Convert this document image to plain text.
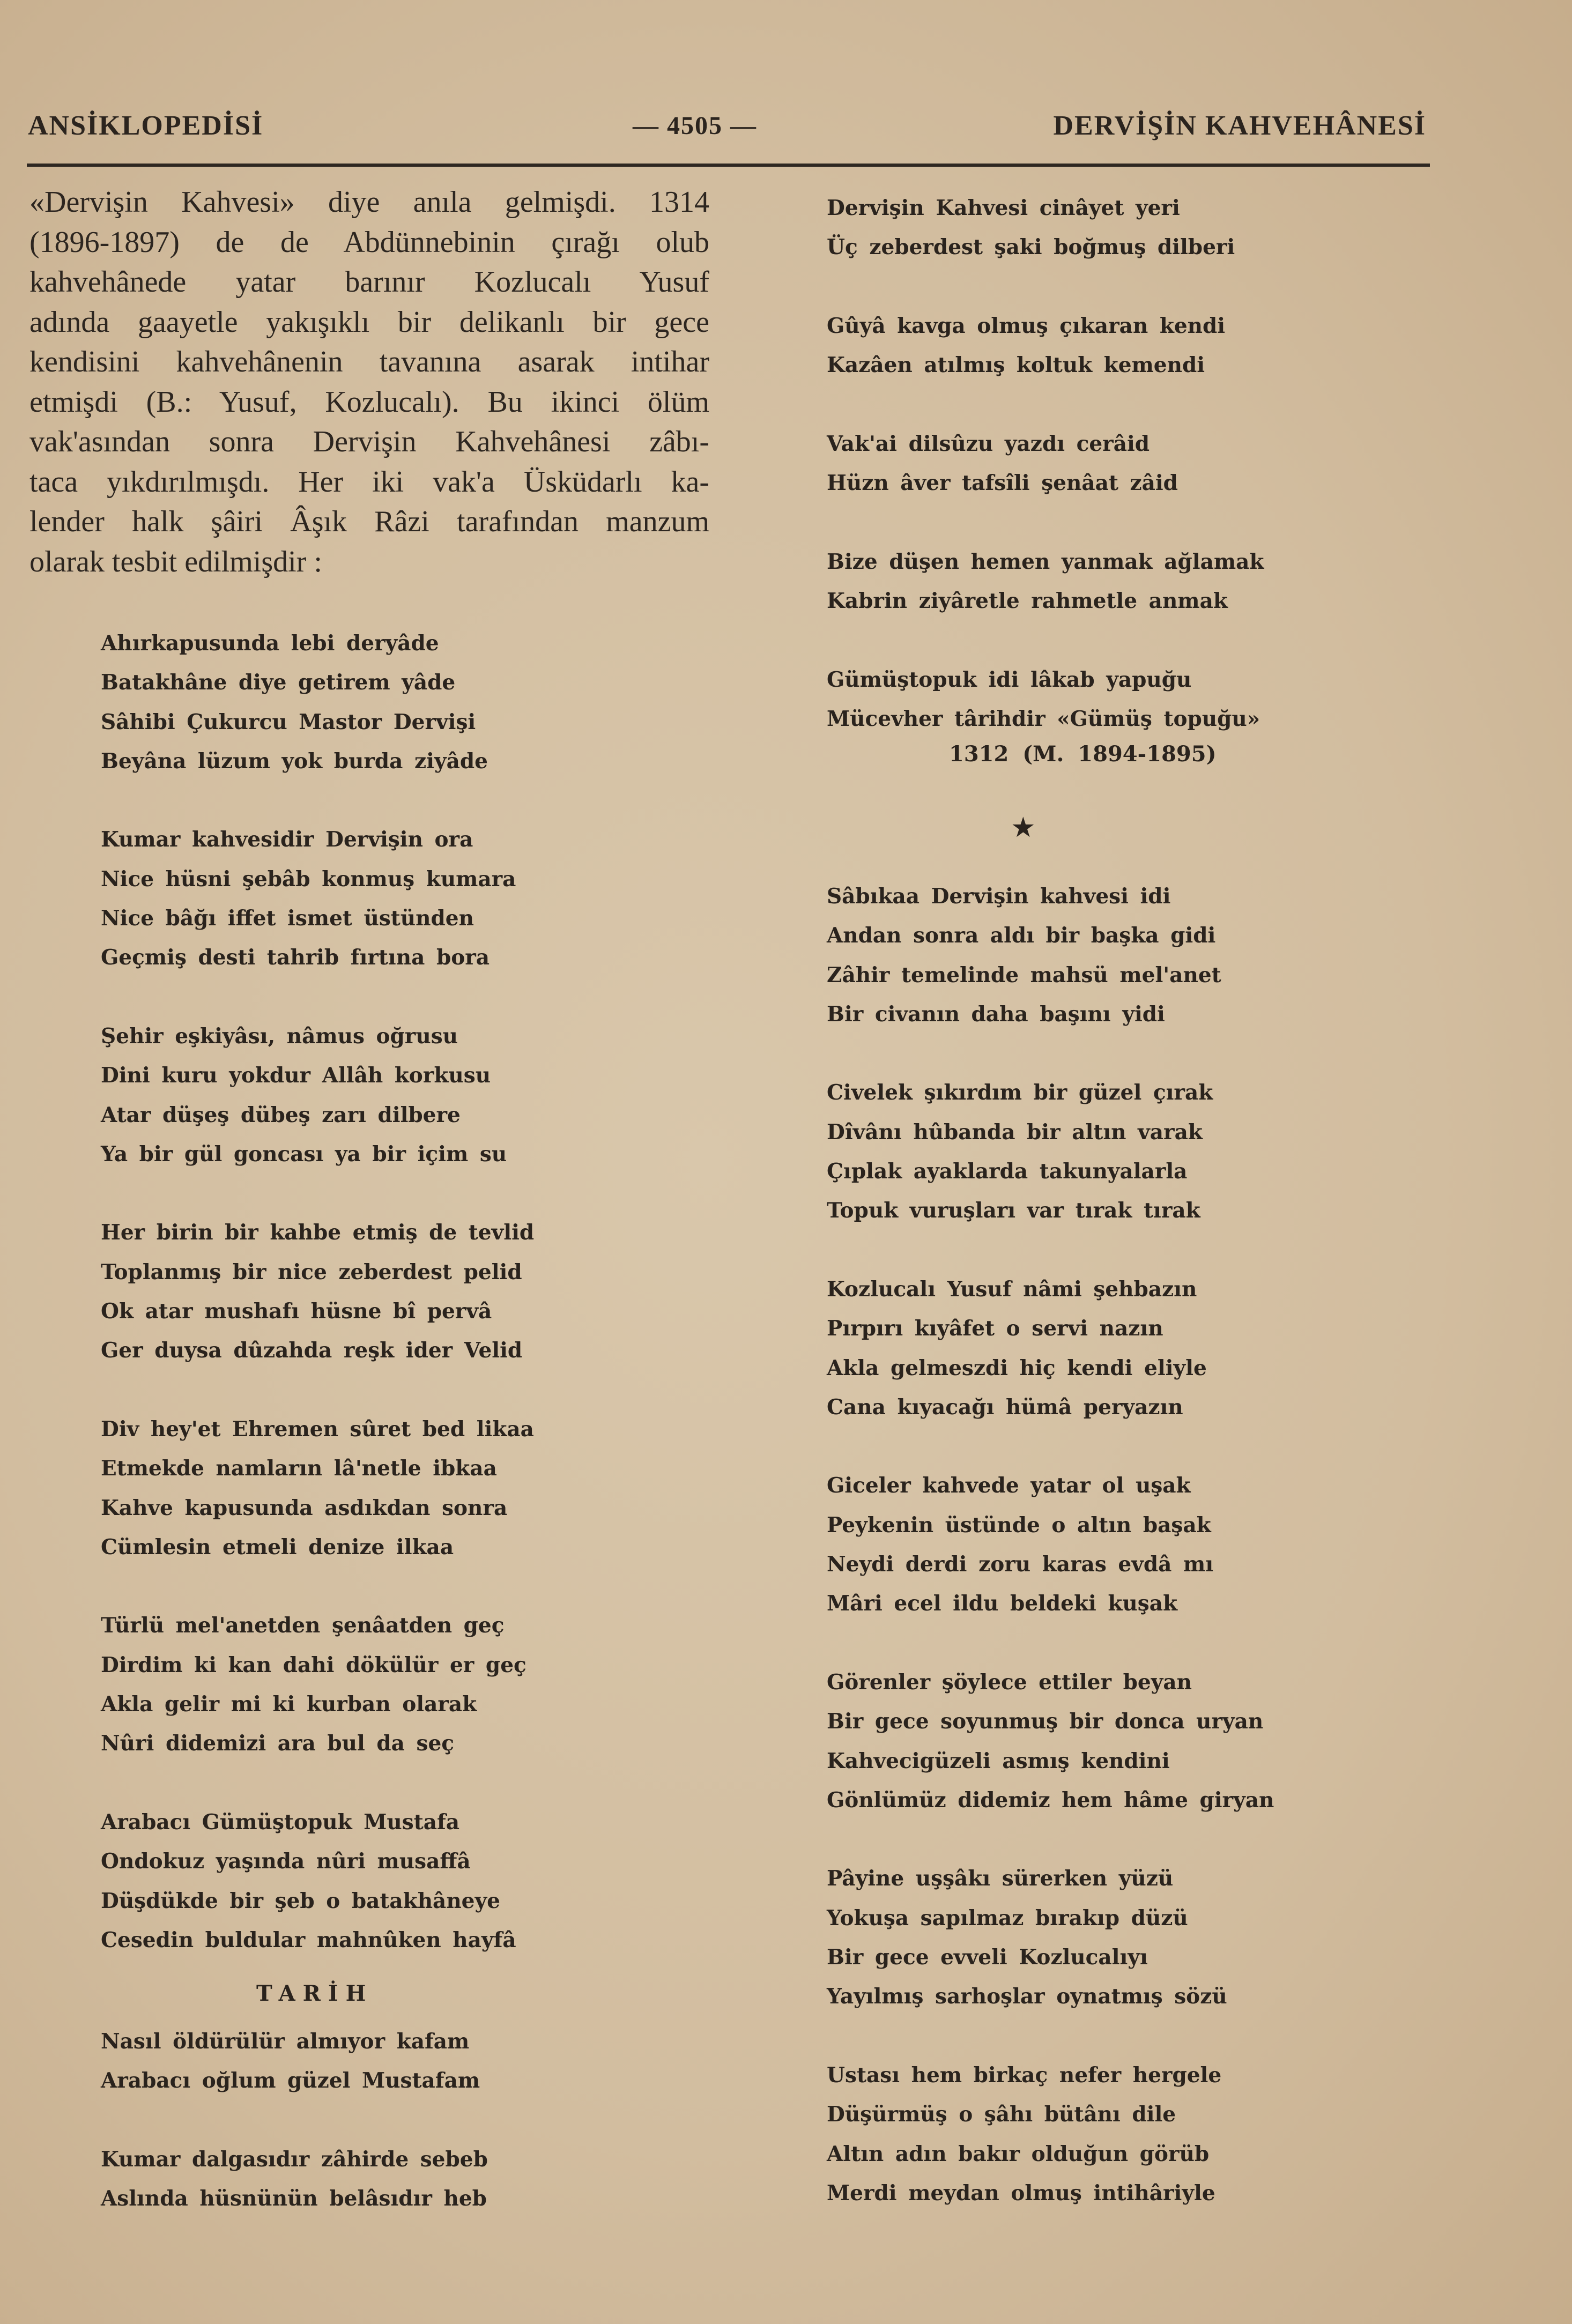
ANSİKLOPEDİSİ	— 4505 —	DERVİŞİN KAHVEHÂNESİ
«Dervişin Kahvesi» diye anıla gelmişdi. 1314
(1896-1897) de de Abdünnebinin çırağı olub
kahvehânede yatar barınır Kozlucalı Yusuf
adında gaayetle yakışıklı bir delikanlı bir gece
kendisini kahvehânenin tavanına asarak intihar
etmişdi (B.: Yusuf, Kozlucalı). Bu ikinci ölüm
vak'asından sonra Dervişin Kahvehânesi zâbı-
taca yıkdırılmışdı. Her iki vak'a Üsküdarlı ka-
lender halk şâiri Âşık Râzi tarafından manzum
olarak tesbit edilmişdir :
Ahırkapusunda lebi deryâde
Batakhâne diye getirem yâde
Sâhibi Çukurcu Mastor Dervişi
Beyâna lüzum yok burda ziyâde
Kumar kahvesidir Dervişin ora
Nice hüsni şebâb konmuş kumara
Nice bâğı iffet ismet üstünden
Geçmiş desti tahrib fırtına bora
Şehir eşkiyâsı, nâmus oğrusu
Dini kuru yokdur Allâh korkusu
Atar düşeş dübeş zarı dilbere
Ya bir gül goncası ya bir içim su
Her birin bir kahbe etmiş de tevlid
Toplanmış bir nice zeberdest pelid
Ok atar mushafı hüsne bî pervâ
Ger duysa dûzahda reşk ider Velid
Div hey'et Ehremen sûret bed likaa
Etmekde namların lâ'netle ibkaa
Kahve kapusunda asdıkdan sonra
Cümlesin etmeli denize ilkaa
Türlü mel'anetden şenâatden geç
Dirdim ki kan dahi dökülür er geç
Akla gelir mi ki kurban olarak
Nûri didemizi ara bul da seç
Arabacı Gümüştopuk Mustafa
Ondokuz yaşında nûri musaffâ
Düşdükde bir şeb o batakhâneye
Cesedin buldular mahnûken hayfâ
TARİH
Nasıl öldürülür almıyor kafam
Arabacı oğlum güzel Mustafam
Kumar dalgasıdır zâhirde sebeb
Aslında hüsnünün belâsıdır heb
Dervişin Kahvesi cinâyet yeri
Üç zeberdest şaki boğmuş dilberi
Gûyâ kavga olmuş çıkaran kendi
Kazâen atılmış koltuk kemendi
Vak'ai dilsûzu yazdı cerâid
Hüzn âver tafsîli şenâat zâid
Bize düşen hemen yanmak ağlamak
Kabrin ziyâretle rahmetle anmak
Gümüştopuk idi lâkab yapuğu
Mücevher târihdir «Gümüş topuğu»
1312 (M. 1894-1895)
★
Sâbıkaa Dervişin kahvesi idi
Andan sonra aldı bir başka gidi
Zâhir temelinde mahsü mel'anet
Bir civanın daha başını yidi
Civelek şıkırdım bir güzel çırak
Dîvânı hûbanda bir altın varak
Çıplak ayaklarda takunyalarla
Topuk vuruşları var tırak tırak
Kozlucalı Yusuf nâmi şehbazın
Pırpırı kıyâfet o servi nazın
Akla gelmeszdi hiç kendi eliyle
Cana kıyacağı hümâ peryazın
Giceler kahvede yatar ol uşak
Peykenin üstünde o altın başak
Neydi derdi zoru karas evdâ mı
Mâri ecel ildu beldeki kuşak
Görenler şöylece ettiler beyan
Bir gece soyunmuş bir donca uryan
Kahvecigüzeli asmış kendini
Gönlümüz didemiz hem hâme giryan
Pâyine uşşâkı sürerken yüzü
Yokuşa sapılmaz bırakıp düzü
Bir gece evveli Kozlucalıyı
Yayılmış sarhoşlar oynatmış sözü
Ustası hem birkaç nefer hergele
Düşürmüş o şâhı bütânı dile
Altın adın bakır olduğun görüb
Merdi meydan olmuş intihâriyle
